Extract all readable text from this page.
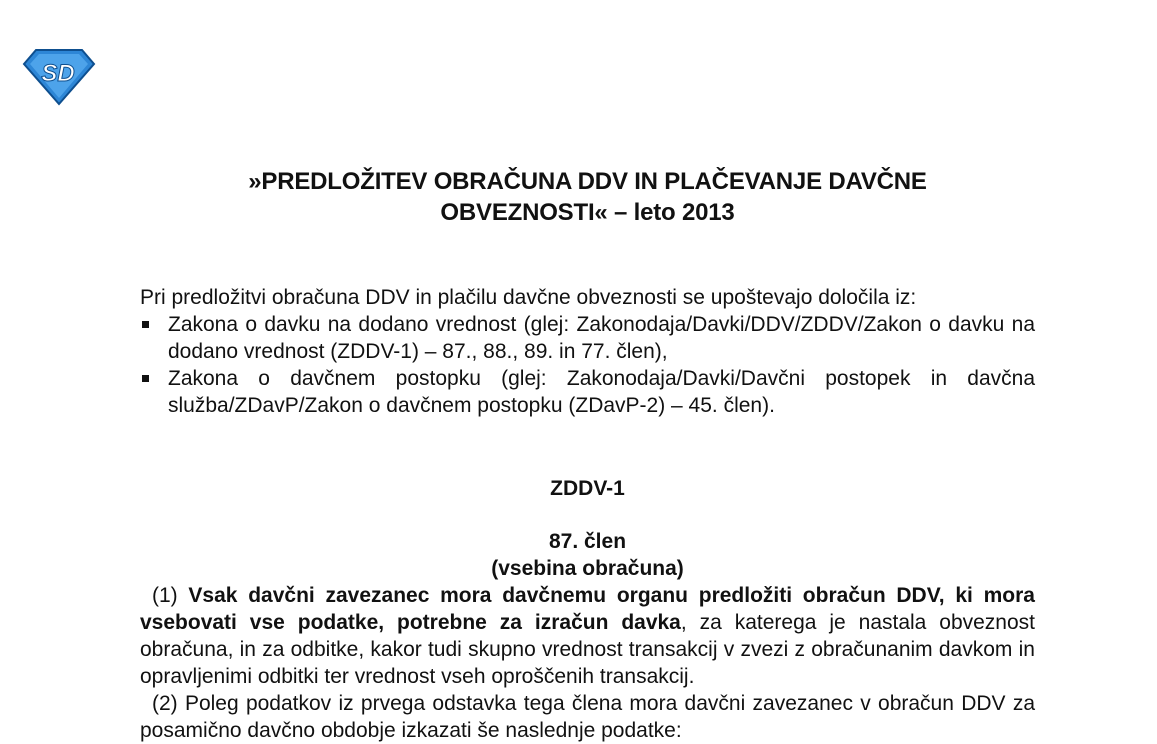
SD
»PREDLOŽITEV OBRAČUNA DDV IN PLAČEVANJE DAVČNE
OBVEZNOSTI« – leto 2013
Pri predložitvi obračuna DDV in plačilu davčne obveznosti se upoštevajo določila iz:
Zakona o davku na dodano vrednost (glej: Zakonodaja/Davki/DDV/ZDDV/Zakon o davku na dodano vrednost (ZDDV-1) – 87., 88., 89. in 77. člen),
Zakona o davčnem postopku (glej: Zakonodaja/Davki/Davčni postopek in davčna služba/ZDavP/Zakon o davčnem postopku (ZDavP-2) – 45. člen).
ZDDV-1
87. člen
(vsebina obračuna)

(1) Vsak davčni zavezanec mora davčnemu organu predložiti obračun DDV, ki mora vsebovati vse podatke, potrebne za izračun davka, za katerega je nastala obveznost obračuna, in za odbitke, kakor tudi skupno vrednost transakcij v zvezi z obračunanim davkom in opravljenimi odbitki ter vrednost vseh oproščenih transakcij.

(2) Poleg podatkov iz prvega odstavka tega člena mora davčni zavezanec v obračun DDV za posamično davčno obdobje izkazati še naslednje podatke:
